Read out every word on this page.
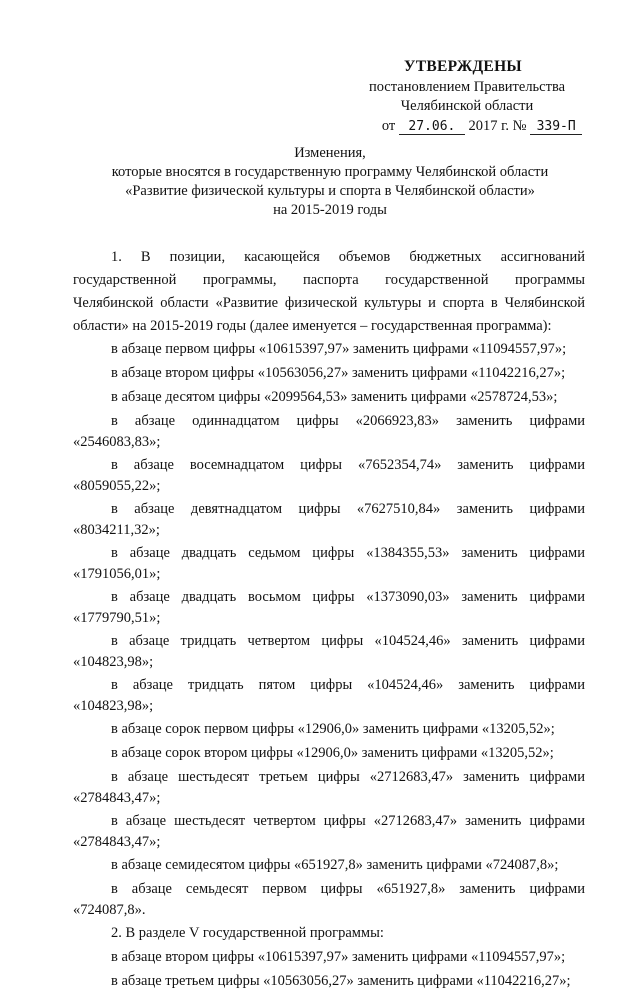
УТВЕРЖДЕНЫ
постановлением Правительства
Челябинской области
от 27.06. 2017 г. № 339-П
Изменения,
которые вносятся в государственную программу Челябинской области
«Развитие физической культуры и спорта в Челябинской области»
на 2015-2019 годы
1. В позиции, касающейся объемов бюджетных ассигнований
государственной программы, паспорта государственной программы
Челябинской области «Развитие физической культуры и спорта в Челябинской
области» на 2015-2019 годы (далее именуется – государственная программа):
в абзаце первом цифры «10615397,97» заменить цифрами «11094557,97»;
в абзаце втором цифры «10563056,27» заменить цифрами «11042216,27»;
в абзаце десятом цифры «2099564,53» заменить цифрами «2578724,53»;
в абзаце одиннадцатом цифры «2066923,83» заменить цифрами
«2546083,83»;
в абзаце восемнадцатом цифры «7652354,74» заменить цифрами
«8059055,22»;
в абзаце девятнадцатом цифры «7627510,84» заменить цифрами
«8034211,32»;
в абзаце двадцать седьмом цифры «1384355,53» заменить цифрами
«1791056,01»;
в абзаце двадцать восьмом цифры «1373090,03» заменить цифрами
«1779790,51»;
в абзаце тридцать четвертом цифры «104524,46» заменить цифрами
«104823,98»;
в абзаце тридцать пятом цифры «104524,46» заменить цифрами
«104823,98»;
в абзаце сорок первом цифры «12906,0» заменить цифрами «13205,52»;
в абзаце сорок втором цифры «12906,0» заменить цифрами «13205,52»;
в абзаце шестьдесят третьем цифры «2712683,47» заменить цифрами
«2784843,47»;
в абзаце шестьдесят четвертом цифры «2712683,47» заменить цифрами
«2784843,47»;
в абзаце семидесятом цифры «651927,8» заменить цифрами «724087,8»;
в абзаце семьдесят первом цифры «651927,8» заменить цифрами
«724087,8».
2. В разделе V государственной программы:
в абзаце втором цифры «10615397,97» заменить цифрами «11094557,97»;
в абзаце третьем цифры «10563056,27» заменить цифрами «11042216,27»;
